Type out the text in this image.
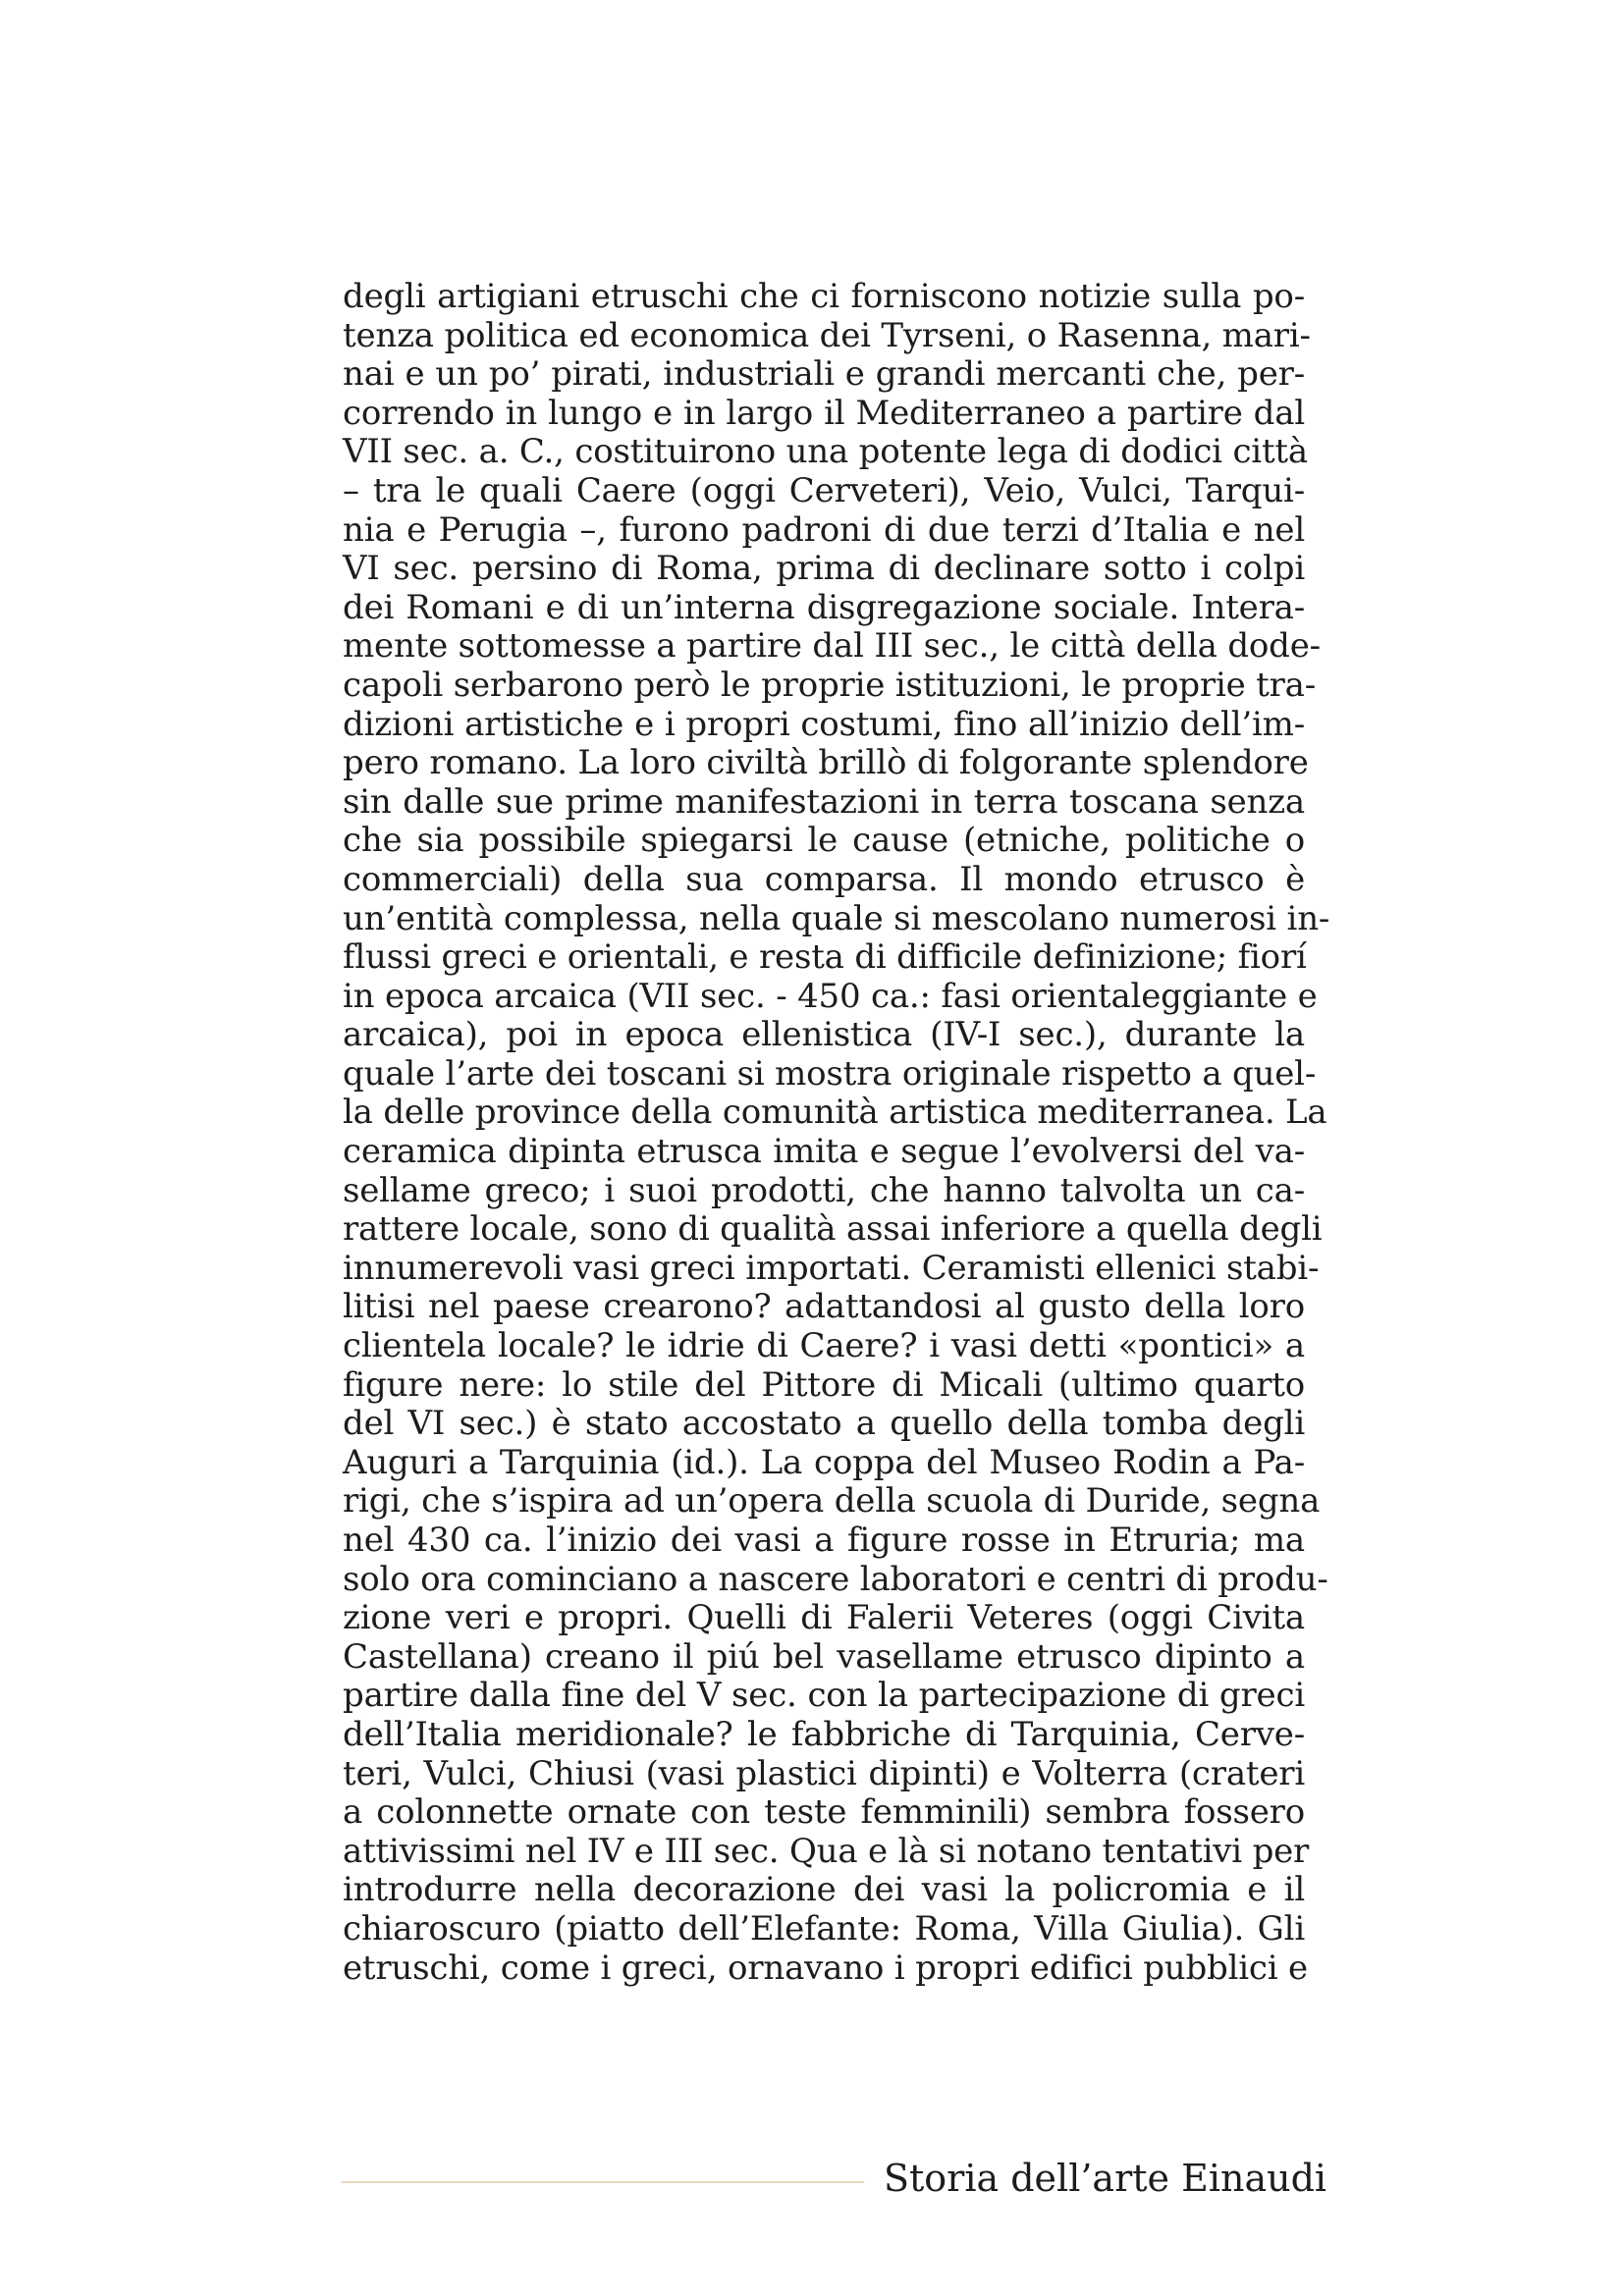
degli artigiani etruschi che ci forniscono notizie sulla po-
tenza politica ed economica dei Tyrseni, o Rasenna, mari-
nai e un po’ pirati, industriali e grandi mercanti che, per-
correndo in lungo e in largo il Mediterraneo a partire dal
VII sec. a. C., costituirono una potente lega di dodici città
– tra le quali Caere (oggi Cerveteri), Veio, Vulci, Tarqui-
nia e Perugia –, furono padroni di due terzi d’Italia e nel
VI sec. persino di Roma, prima di declinare sotto i colpi
dei Romani e di un’interna disgregazione sociale. Intera-
mente sottomesse a partire dal III sec., le città della dode-
capoli serbarono però le proprie istituzioni, le proprie tra-
dizioni artistiche e i propri costumi, fino all’inizio dell’im-
pero romano. La loro civiltà brillò di folgorante splendore
sin dalle sue prime manifestazioni in terra toscana senza
che sia possibile spiegarsi le cause (etniche, politiche o
commerciali) della sua comparsa. Il mondo etrusco è
un’entità complessa, nella quale si mescolano numerosi in-
flussi greci e orientali, e resta di difficile definizione; fiorí
in epoca arcaica (VII sec. - 450 ca.: fasi orientaleggiante e
arcaica), poi in epoca ellenistica (IV-I sec.), durante la
quale l’arte dei toscani si mostra originale rispetto a quel-
la delle province della comunità artistica mediterranea. La
ceramica dipinta etrusca imita e segue l’evolversi del va-
sellame greco; i suoi prodotti, che hanno talvolta un ca-
rattere locale, sono di qualità assai inferiore a quella degli
innumerevoli vasi greci importati. Ceramisti ellenici stabi-
litisi nel paese crearono? adattandosi al gusto della loro
clientela locale? le idrie di Caere? i vasi detti «pontici» a
figure nere: lo stile del Pittore di Micali (ultimo quarto
del VI sec.) è stato accostato a quello della tomba degli
Auguri a Tarquinia (id.). La coppa del Museo Rodin a Pa-
rigi, che s’ispira ad un’opera della scuola di Duride, segna
nel 430 ca. l’inizio dei vasi a figure rosse in Etruria; ma
solo ora cominciano a nascere laboratori e centri di produ-
zione veri e propri. Quelli di Falerii Veteres (oggi Civita
Castellana) creano il piú bel vasellame etrusco dipinto a
partire dalla fine del V sec. con la partecipazione di greci
dell’Italia meridionale? le fabbriche di Tarquinia, Cerve-
teri, Vulci, Chiusi (vasi plastici dipinti) e Volterra (crateri
a colonnette ornate con teste femminili) sembra fossero
attivissimi nel IV e III sec. Qua e là si notano tentativi per
introdurre nella decorazione dei vasi la policromia e il
chiaroscuro (piatto dell’Elefante: Roma, Villa Giulia). Gli
etruschi, come i greci, ornavano i propri edifici pubblici e
Storia dell’arte Einaudi
